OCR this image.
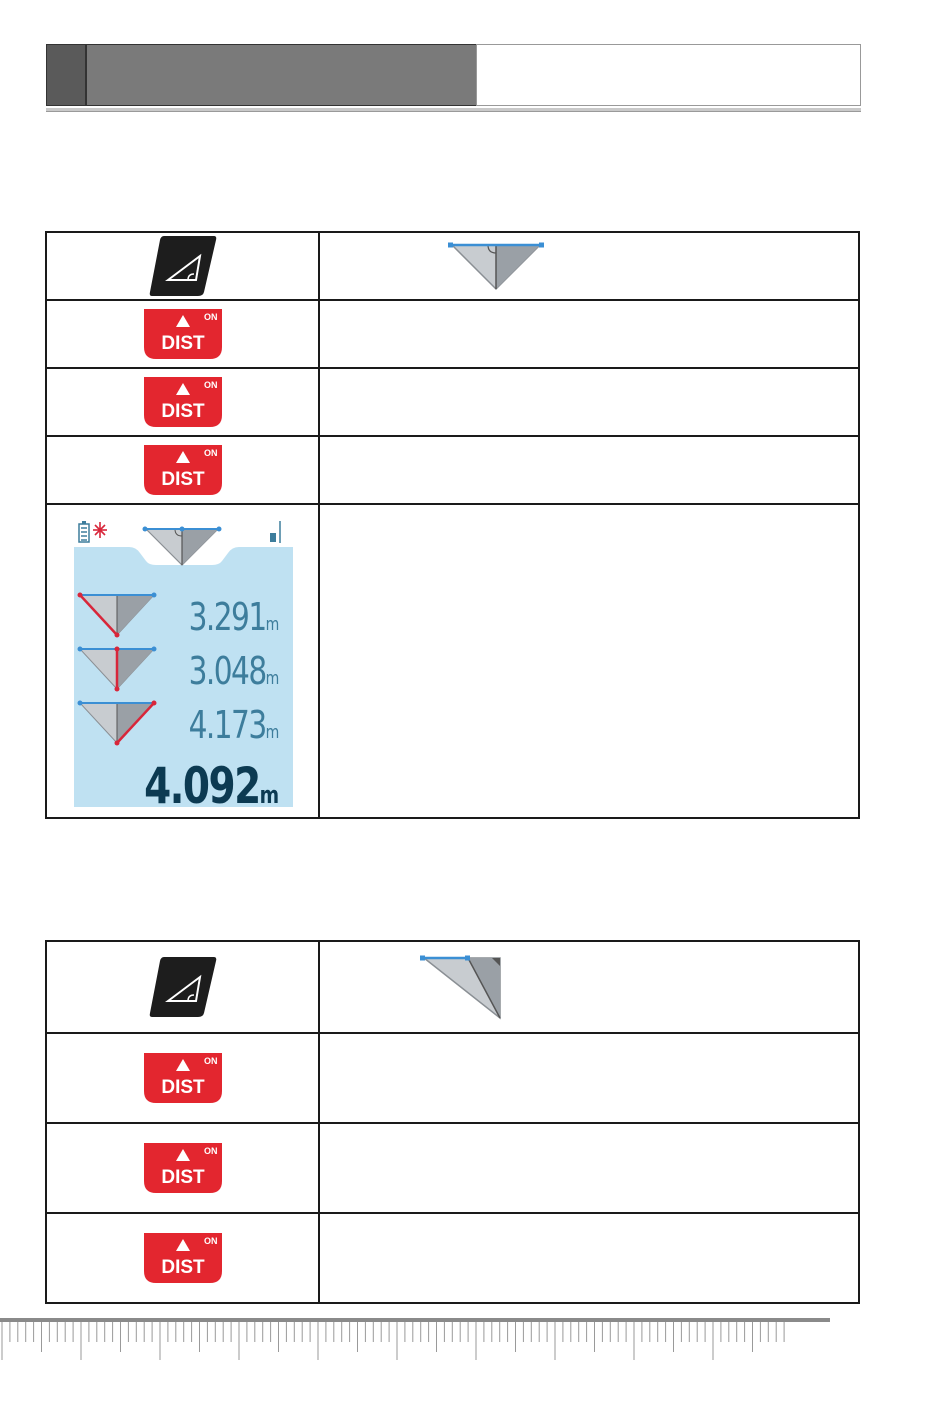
ON
DIST	

ON
DIST	

ON
DIST	

3.291m
3.048m
4.173m
4.092m	

ON
DIST	

ON
DIST	

ON
DIST	
